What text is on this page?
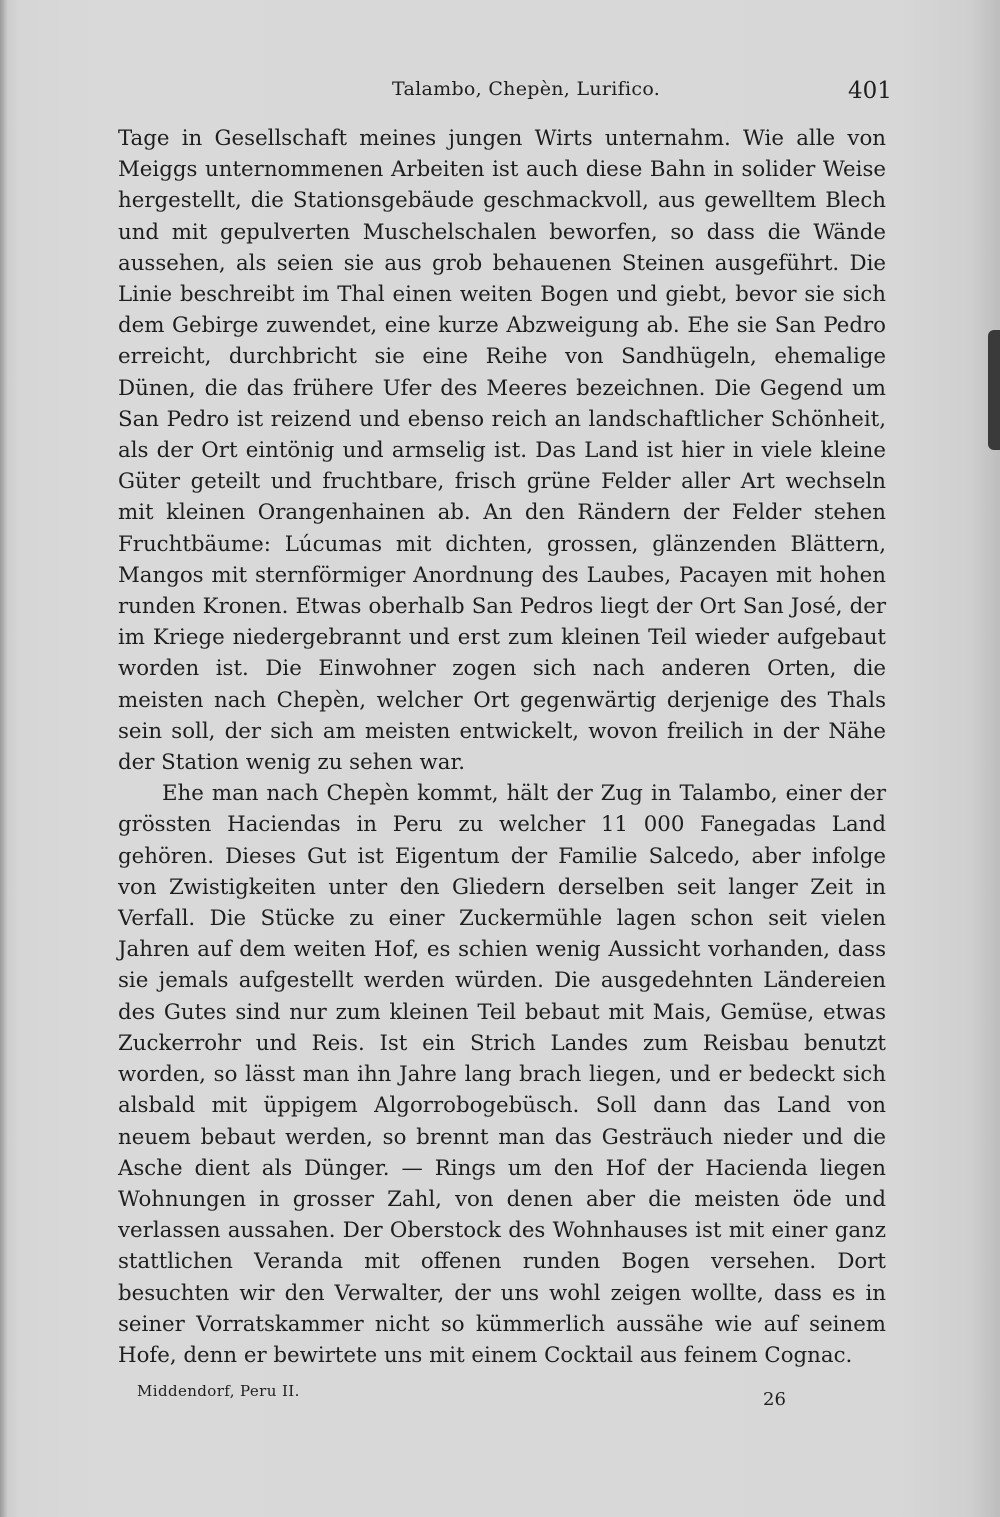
Talambo, Chepèn, Lurifico.	401

Tage in Gesellschaft meines jungen Wirts unternahm. Wie alle von Meiggs unternommenen Arbeiten ist auch diese Bahn in solider Weise hergestellt, die Stationsgebäude geschmackvoll, aus gewelltem Blech und mit gepulverten Muschelschalen beworfen, so dass die Wände aussehen, als seien sie aus grob behauenen Steinen ausgeführt. Die Linie beschreibt im Thal einen weiten Bogen und giebt, bevor sie sich dem Gebirge zuwendet, eine kurze Abzweigung ab. Ehe sie San Pedro erreicht, durchbricht sie eine Reihe von Sandhügeln, ehemalige Dünen, die das frühere Ufer des Meeres bezeichnen. Die Gegend um San Pedro ist reizend und ebenso reich an landschaftlicher Schönheit, als der Ort eintönig und armselig ist. Das Land ist hier in viele kleine Güter geteilt und fruchtbare, frisch grüne Felder aller Art wechseln mit kleinen Orangenhainen ab. An den Rändern der Felder stehen Fruchtbäume: Lúcumas mit dichten, grossen, glänzenden Blättern, Mangos mit sternförmiger Anordnung des Laubes, Pacayen mit hohen runden Kronen. Etwas oberhalb San Pedros liegt der Ort San José, der im Kriege niedergebrannt und erst zum kleinen Teil wieder aufgebaut worden ist. Die Einwohner zogen sich nach anderen Orten, die meisten nach Chepèn, welcher Ort gegenwärtig derjenige des Thals sein soll, der sich am meisten entwickelt, wovon freilich in der Nähe der Station wenig zu sehen war.

Ehe man nach Chepèn kommt, hält der Zug in Talambo, einer der grössten Haciendas in Peru zu welcher 11 000 Fanegadas Land gehören. Dieses Gut ist Eigentum der Familie Salcedo, aber infolge von Zwistigkeiten unter den Gliedern derselben seit langer Zeit in Verfall. Die Stücke zu einer Zuckermühle lagen schon seit vielen Jahren auf dem weiten Hof, es schien wenig Aussicht vorhanden, dass sie jemals aufgestellt werden würden. Die ausgedehnten Ländereien des Gutes sind nur zum kleinen Teil bebaut mit Mais, Gemüse, etwas Zuckerrohr und Reis. Ist ein Strich Landes zum Reisbau benutzt worden, so lässt man ihn Jahre lang brach liegen, und er bedeckt sich alsbald mit üppigem Algorrobogebüsch. Soll dann das Land von neuem bebaut werden, so brennt man das Gesträuch nieder und die Asche dient als Dünger. — Rings um den Hof der Hacienda liegen Wohnungen in grosser Zahl, von denen aber die meisten öde und verlassen aussahen. Der Oberstock des Wohnhauses ist mit einer ganz stattlichen Veranda mit offenen runden Bogen versehen. Dort besuchten wir den Verwalter, der uns wohl zeigen wollte, dass es in seiner Vorratskammer nicht so kümmerlich aussähe wie auf seinem Hofe, denn er bewirtete uns mit einem Cocktail aus feinem Cognac.

Middendorf, Peru II.	26
